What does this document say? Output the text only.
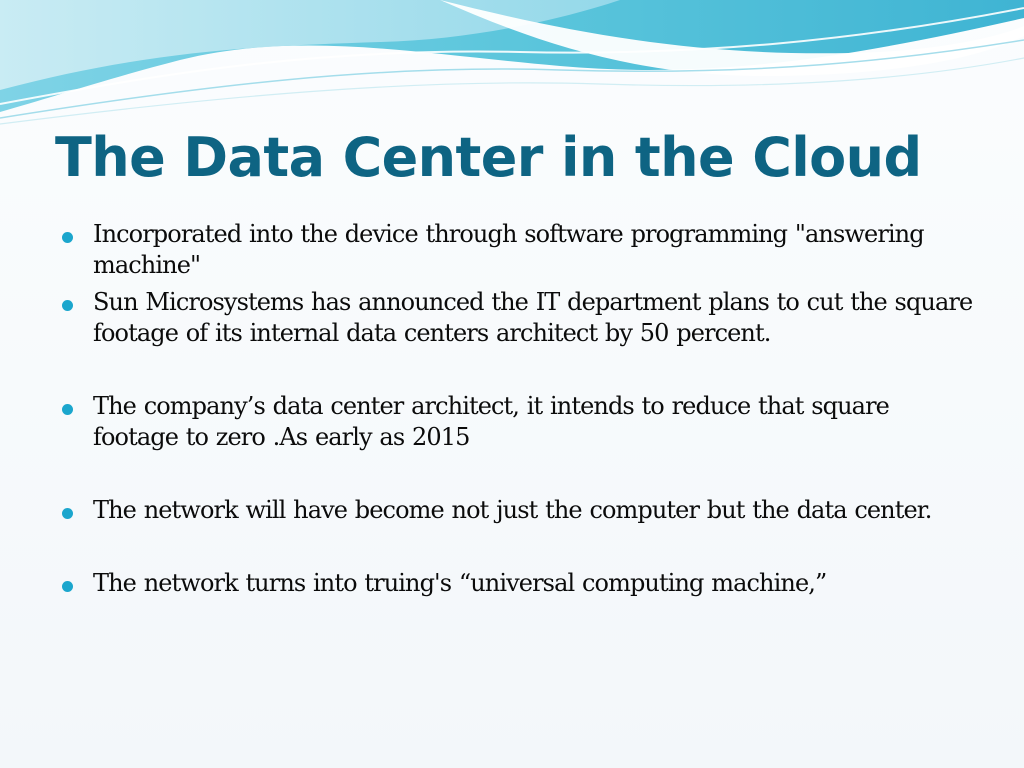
The Data Center in the Cloud
Incorporated into the device through software programming "answering machine"
Sun Microsystems has announced the IT department plans to cut the square footage of its internal data centers architect by 50 percent.
The company’s data center architect, it intends to reduce that square footage to zero .As early as 2015
The network will have become not just the computer but the data center.
The network turns into truing's “universal computing machine,”
